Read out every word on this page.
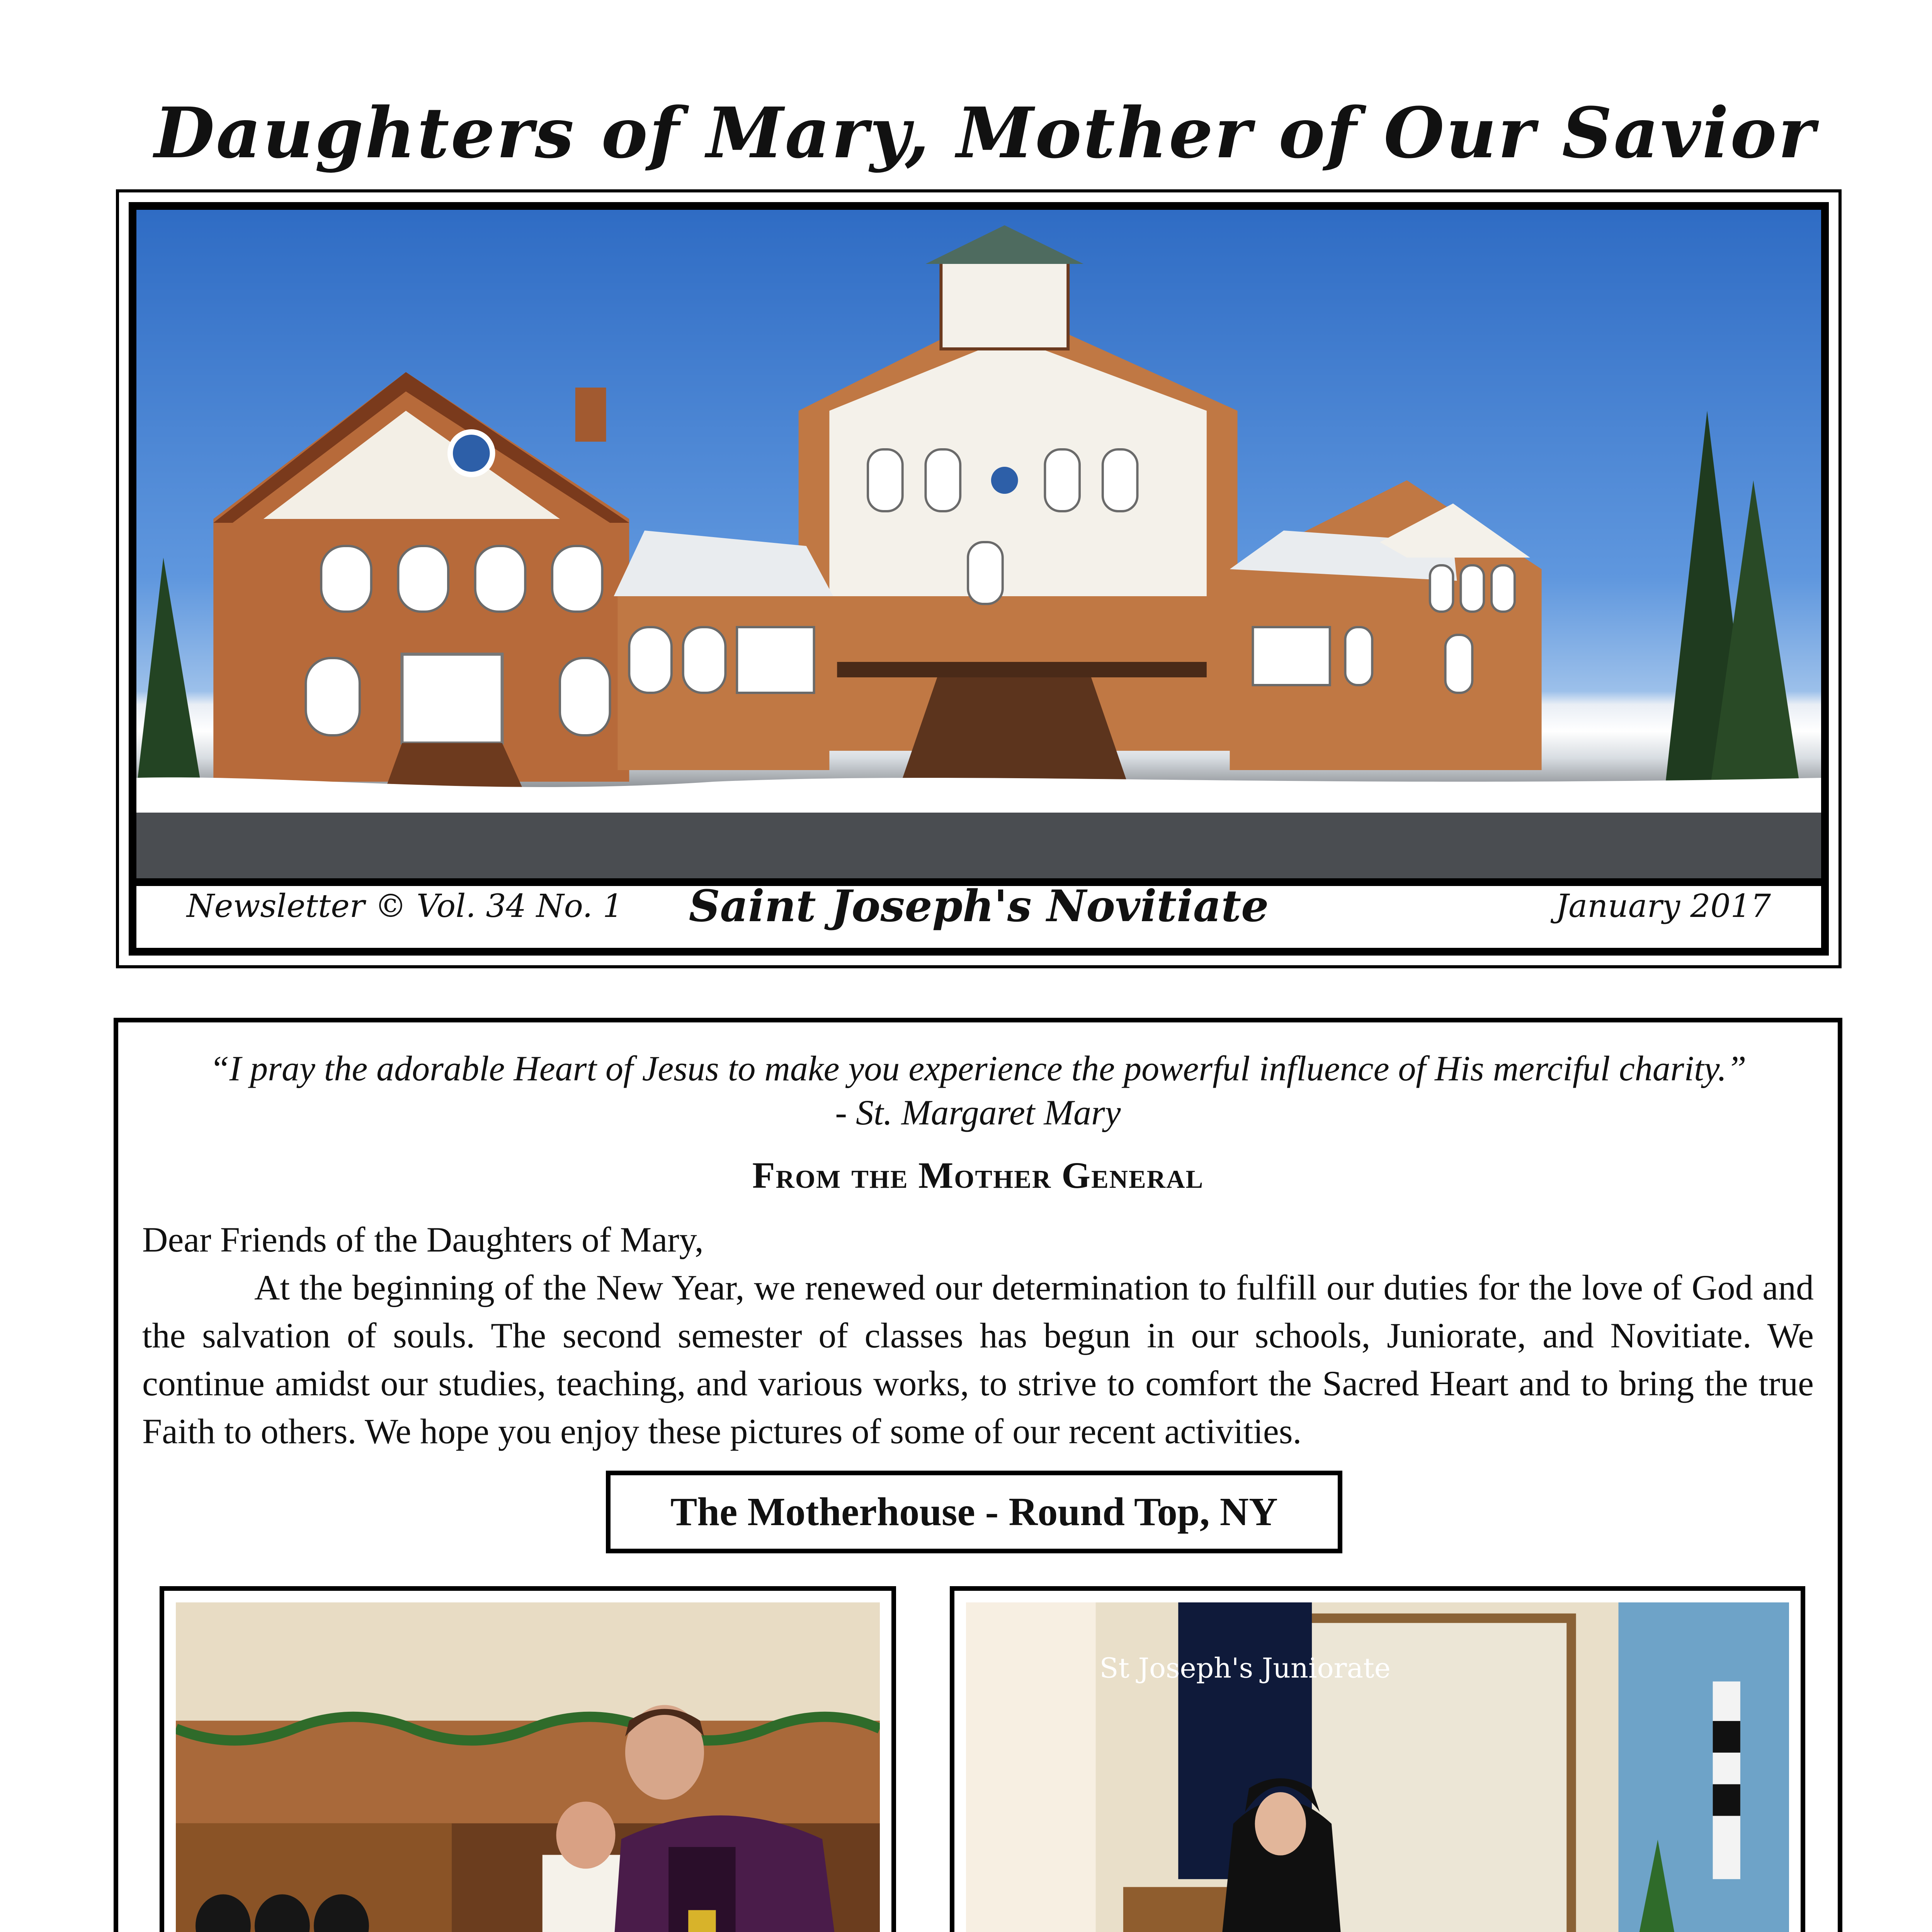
Daughters of Mary, Mother of Our Savior
Newsletter © Vol. 34 No. 1	Saint Joseph's Novitiate	January 2017
“I pray the adorable Heart of Jesus to make you experience the powerful influence of His merciful charity.”
- St. Margaret Mary
From the Mother General

Dear Friends of the Daughters of Mary,

At the beginning of the New Year, we renewed our determination to fulfill our duties for the love of God and the salvation of souls. The second semester of classes has begun in our schools, Juniorate, and Novitiate. We continue amidst our studies, teaching, and various works, to strive to comfort the Sacred Heart and to bring the true Faith to others. We hope you enjoy these pictures of some of our recent activities.

The Motherhouse - Round Top, NY
St Joseph's Juniorate
